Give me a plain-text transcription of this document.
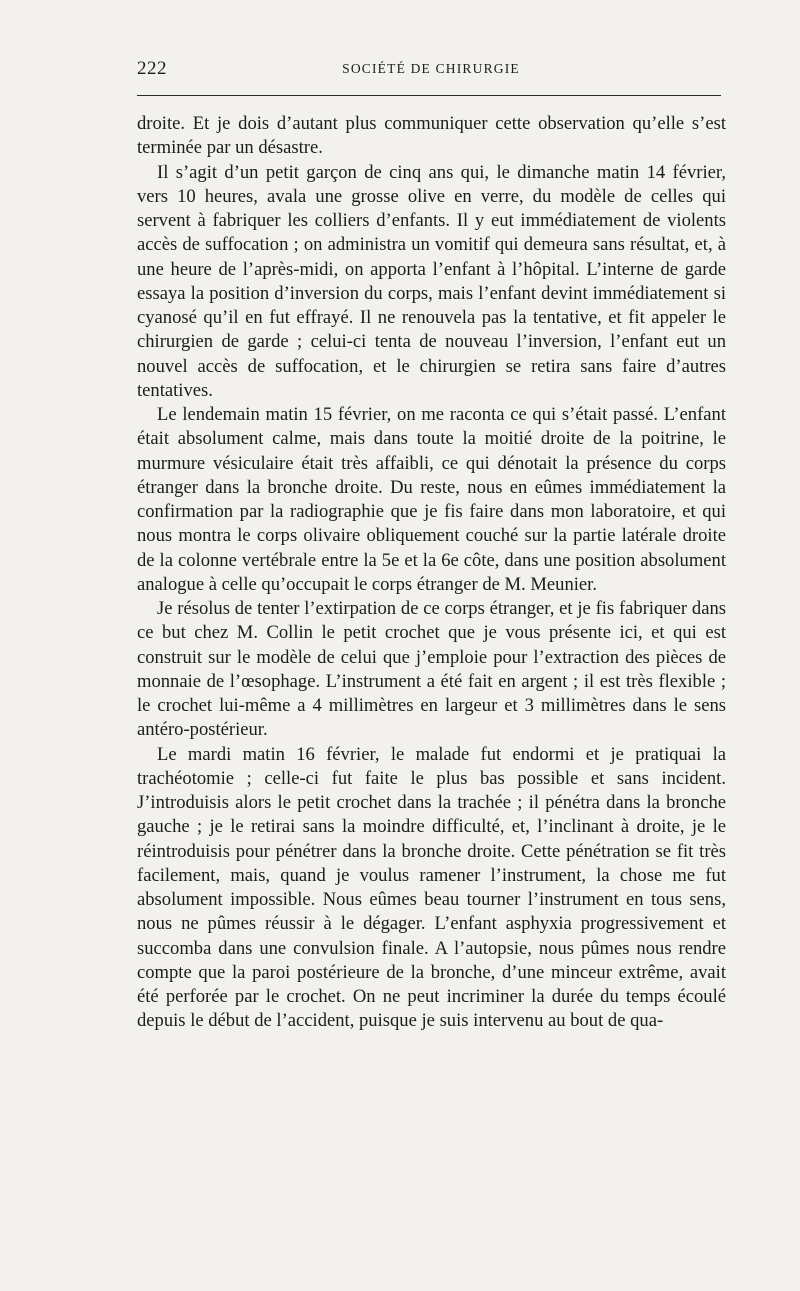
222	SOCIÉTÉ DE CHIRURGIE

droite. Et je dois d’autant plus communiquer cette observation qu’elle s’est terminée par un désastre.

Il s’agit d’un petit garçon de cinq ans qui, le dimanche matin 14 février, vers 10 heures, avala une grosse olive en verre, du modèle de celles qui servent à fabriquer les colliers d’enfants. Il y eut immédiatement de violents accès de suffocation ; on administra un vomitif qui demeura sans résultat, et, à une heure de l’après-midi, on apporta l’enfant à l’hôpital. L’interne de garde essaya la position d’inversion du corps, mais l’enfant devint immédiatement si cyanosé qu’il en fut effrayé. Il ne renouvela pas la tentative, et fit appeler le chirurgien de garde ; celui-ci tenta de nouveau l’inversion, l’enfant eut un nouvel accès de suffocation, et le chirurgien se retira sans faire d’autres tentatives.

Le lendemain matin 15 février, on me raconta ce qui s’était passé. L’enfant était absolument calme, mais dans toute la moitié droite de la poitrine, le murmure vésiculaire était très affaibli, ce qui dénotait la présence du corps étranger dans la bronche droite. Du reste, nous en eûmes immédiatement la confirmation par la radiographie que je fis faire dans mon laboratoire, et qui nous montra le corps olivaire obliquement couché sur la partie latérale droite de la colonne vertébrale entre la 5e et la 6e côte, dans une position absolument analogue à celle qu’occupait le corps étranger de M. Meunier.

Je résolus de tenter l’extirpation de ce corps étranger, et je fis fabriquer dans ce but chez M. Collin le petit crochet que je vous présente ici, et qui est construit sur le modèle de celui que j’emploie pour l’extraction des pièces de monnaie de l’œsophage. L’instrument a été fait en argent ; il est très flexible ; le crochet lui-même a 4 millimètres en largeur et 3 millimètres dans le sens antéro-postérieur.

Le mardi matin 16 février, le malade fut endormi et je pratiquai la trachéotomie ; celle-ci fut faite le plus bas possible et sans incident. J’introduisis alors le petit crochet dans la trachée ; il pénétra dans la bronche gauche ; je le retirai sans la moindre difficulté, et, l’inclinant à droite, je le réintroduisis pour pénétrer dans la bronche droite. Cette pénétration se fit très facilement, mais, quand je voulus ramener l’instrument, la chose me fut absolument impossible. Nous eûmes beau tourner l’instrument en tous sens, nous ne pûmes réussir à le dégager. L’enfant asphyxia progressivement et succomba dans une convulsion finale. A l’autopsie, nous pûmes nous rendre compte que la paroi postérieure de la bronche, d’une minceur extrême, avait été perforée par le crochet. On ne peut incriminer la durée du temps écoulé depuis le début de l’accident, puisque je suis intervenu au bout de qua-
